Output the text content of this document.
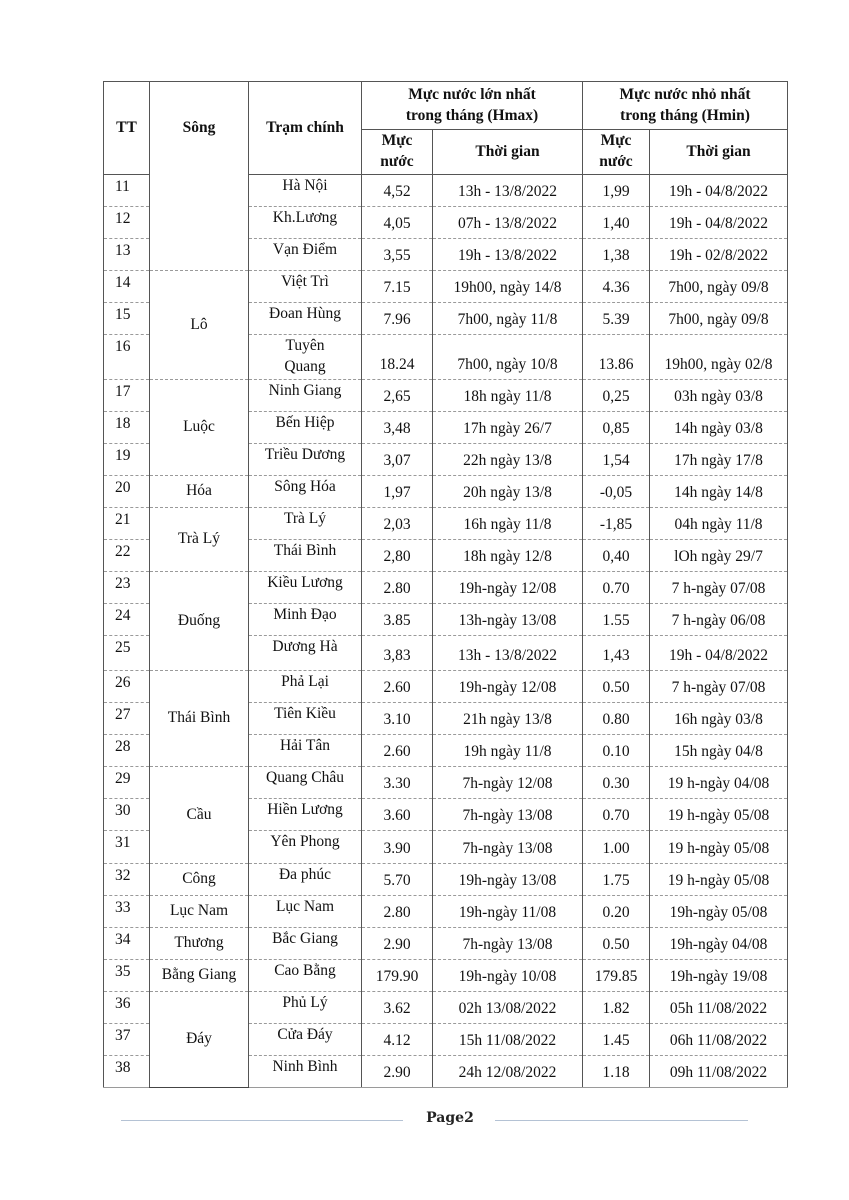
TT	Sông	Trạm chính	Mực nước lớn nhất trong tháng (Hmax)		Mực nước nhỏ nhất trong tháng (Hmin)	
			Mực nước	Thời gian	Mực nước	Thời gian
11		Hà Nội	4,52	13h - 13/8/2022	1,99	19h - 04/8/2022
12		Kh.Lương	4,05	07h - 13/8/2022	1,40	19h - 04/8/2022
13		Vạn Điểm	3,55	19h - 13/8/2022	1,38	19h - 02/8/2022
14	Lô	Việt Trì	7.15	19h00, ngày 14/8	4.36	7h00, ngày 09/8
15		Đoan Hùng	7.96	7h00, ngày 11/8	5.39	7h00, ngày 09/8
16		Tuyên Quang	18.24	7h00, ngày 10/8	13.86	19h00, ngày 02/8
17	Luộc	Ninh Giang	2,65	18h ngày 11/8	0,25	03h ngày 03/8
18		Bến Hiệp	3,48	17h ngày 26/7	0,85	14h ngày 03/8
19		Triều Dương	3,07	22h ngày 13/8	1,54	17h ngày 17/8
20	Hóa	Sông Hóa	1,97	20h ngày 13/8	-0,05	14h ngày 14/8
21	Trà Lý	Trà Lý	2,03	16h ngày 11/8	-1,85	04h ngày 11/8
22		Thái Bình	2,80	18h ngày 12/8	0,40	lOh ngày 29/7
23	Đuống	Kiều Lương	2.80	19h-ngày 12/08	0.70	7 h-ngày 07/08
24		Minh Đạo	3.85	13h-ngày 13/08	1.55	7 h-ngày 06/08
25		Dương Hà	3,83	13h - 13/8/2022	1,43	19h - 04/8/2022
26	Thái Bình	Phả Lại	2.60	19h-ngày 12/08	0.50	7 h-ngày 07/08
27		Tiên Kiều	3.10	21h ngày 13/8	0.80	16h ngày 03/8
28		Hải Tân	2.60	19h ngày 11/8	0.10	15h ngày 04/8
29	Cầu	Quang Châu	3.30	7h-ngày 12/08	0.30	19 h-ngày 04/08
30		Hiền Lương	3.60	7h-ngày 13/08	0.70	19 h-ngày 05/08
31		Yên Phong	3.90	7h-ngày 13/08	1.00	19 h-ngày 05/08
32	Công	Đa phúc	5.70	19h-ngày 13/08	1.75	19 h-ngày 05/08
33	Lục Nam	Lục Nam	2.80	19h-ngày 11/08	0.20	19h-ngày 05/08
34	Thương	Bắc Giang	2.90	7h-ngày 13/08	0.50	19h-ngày 04/08
35	Bằng Giang	Cao Bằng	179.90	19h-ngày 10/08	179.85	19h-ngày 19/08
36	Đáy	Phủ Lý	3.62	02h 13/08/2022	1.82	05h 11/08/2022
37		Cửa Đáy	4.12	15h 11/08/2022	1.45	06h 11/08/2022
38		Ninh Bình	2.90	24h 12/08/2022	1.18	09h 11/08/2022
Page2
